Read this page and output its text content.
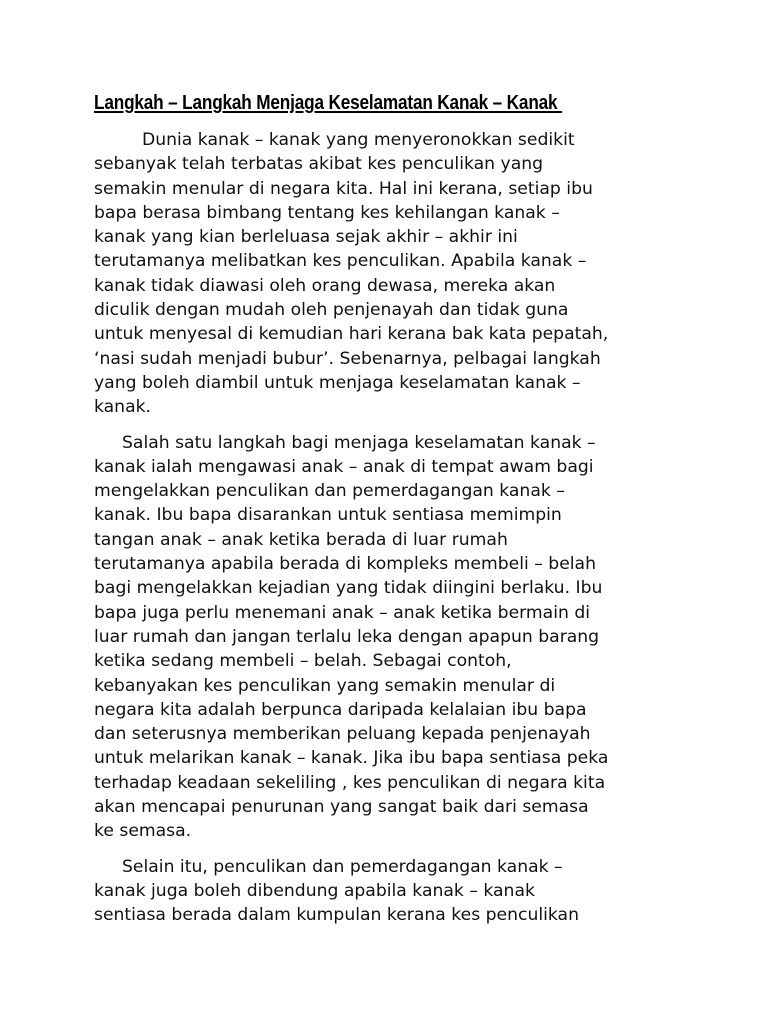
Langkah – Langkah Menjaga Keselamatan Kanak – Kanak

Dunia kanak – kanak yang menyeronokkan sedikit
sebanyak telah terbatas akibat kes penculikan yang
semakin menular di negara kita. Hal ini kerana, setiap ibu
bapa berasa bimbang tentang kes kehilangan kanak –
kanak yang kian berleluasa sejak akhir – akhir ini
terutamanya melibatkan kes penculikan. Apabila kanak –
kanak tidak diawasi oleh orang dewasa, mereka akan
diculik dengan mudah oleh penjenayah dan tidak guna
untuk menyesal di kemudian hari kerana bak kata pepatah,
‘nasi sudah menjadi bubur’. Sebenarnya, pelbagai langkah
yang boleh diambil untuk menjaga keselamatan kanak –
kanak.

Salah satu langkah bagi menjaga keselamatan kanak –
kanak ialah mengawasi anak – anak di tempat awam bagi
mengelakkan penculikan dan pemerdagangan kanak –
kanak. Ibu bapa disarankan untuk sentiasa memimpin
tangan anak – anak ketika berada di luar rumah
terutamanya apabila berada di kompleks membeli – belah
bagi mengelakkan kejadian yang tidak diingini berlaku. Ibu
bapa juga perlu menemani anak – anak ketika bermain di
luar rumah dan jangan terlalu leka dengan apapun barang
ketika sedang membeli – belah. Sebagai contoh,
kebanyakan kes penculikan yang semakin menular di
negara kita adalah berpunca daripada kelalaian ibu bapa
dan seterusnya memberikan peluang kepada penjenayah
untuk melarikan kanak – kanak. Jika ibu bapa sentiasa peka
terhadap keadaan sekeliling , kes penculikan di negara kita
akan mencapai penurunan yang sangat baik dari semasa
ke semasa.

Selain itu, penculikan dan pemerdagangan kanak –
kanak juga boleh dibendung apabila kanak – kanak
sentiasa berada dalam kumpulan kerana kes penculikan
